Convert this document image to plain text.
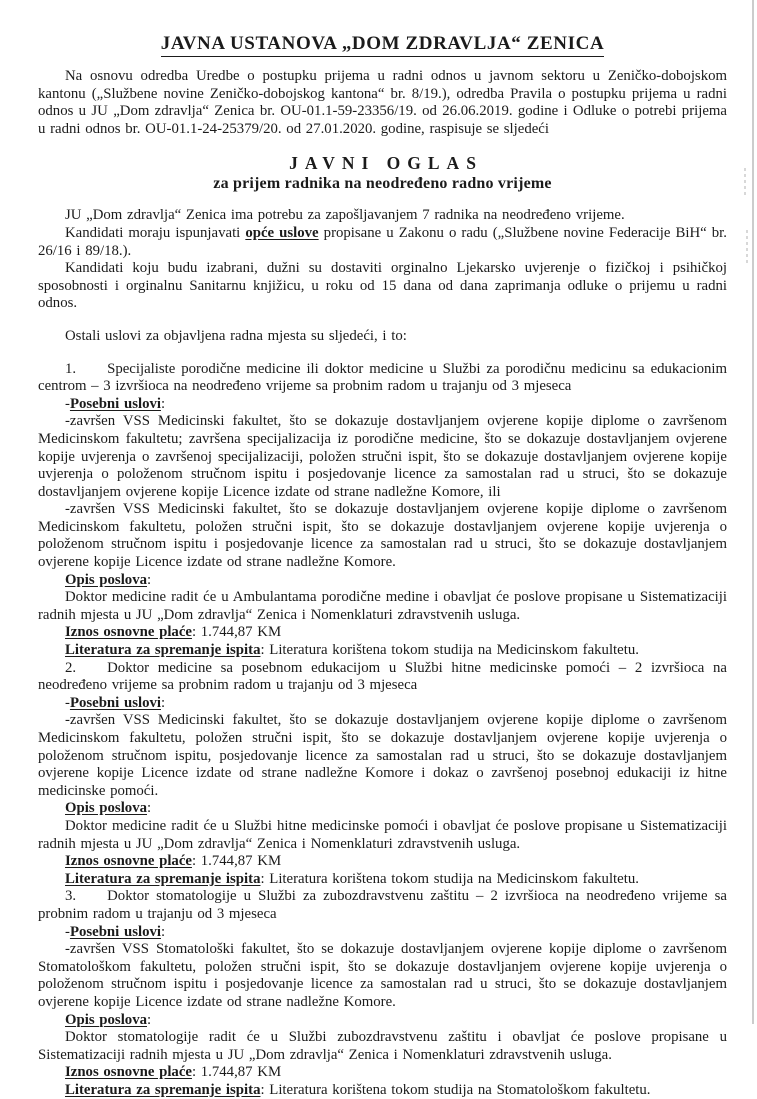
JAVNA USTANOVA „DOM ZDRAVLJA“ ZENICA

Na osnovu odredba Uredbe o postupku prijema u radni odnos u javnom sektoru u Zeničko-dobojskom kantonu („Službene novine Zeničko-dobojskog kantona“ br. 8/19.), odredba Pravila o postupku prijema u radni odnos u JU „Dom zdravlja“ Zenica br. OU-01.1-59-23356/19. od 26.06.2019. godine i Odluke o potrebi prijema u radni odnos br. OU-01.1-24-25379/20. od 27.01.2020. godine, raspisuje se sljedeći

JAVNI OGLAS
za prijem radnika na neodređeno radno vrijeme

JU „Dom zdravlja“ Zenica ima potrebu za zapošljavanjem 7 radnika na neodređeno vrijeme.

Kandidati moraju ispunjavati opće uslove propisane u Zakonu o radu („Službene novine Federacije BiH“ br. 26/16 i 89/18.).

Kandidati koju budu izabrani, dužni su dostaviti orginalno Ljekarsko uvjerenje o fizičkoj i psihičkoj sposobnosti i orginalnu Sanitarnu knjižicu, u roku od 15 dana od dana zaprimanja odluke o prijemu u radni odnos.

Ostali uslovi za objavljena radna mjesta su sljedeći, i to:

1. Specijaliste porodične medicine ili doktor medicine u Službi za porodičnu medicinu sa edukacionim centrom – 3 izvršioca na neodređeno vrijeme sa probnim radom u trajanju od 3 mjeseca

-Posebni uslovi:

-završen VSS Medicinski fakultet, što se dokazuje dostavljanjem ovjerene kopije diplome o završenom Medicinskom fakultetu; završena specijalizacija iz porodične medicine, što se dokazuje dostavljanjem ovjerene kopije uvjerenja o završenoj specijalizaciji, položen stručni ispit, što se dokazuje dostavljanjem ovjerene kopije uvjerenja o položenom stručnom ispitu i posjedovanje licence za samostalan rad u struci, što se dokazuje dostavljanjem ovjerene kopije Licence izdate od strane nadležne Komore, ili

-završen VSS Medicinski fakultet, što se dokazuje dostavljanjem ovjerene kopije diplome o završenom Medicinskom fakultetu, položen stručni ispit, što se dokazuje dostavljanjem ovjerene kopije uvjerenja o položenom stručnom ispitu i posjedovanje licence za samostalan rad u struci, što se dokazuje dostavljanjem ovjerene kopije Licence izdate od strane nadležne Komore.

Opis poslova:

Doktor medicine radit će u Ambulantama porodične medine i obavljat će poslove propisane u Sistematizaciji radnih mjesta u JU „Dom zdravlja“ Zenica i Nomenklaturi zdravstvenih usluga.

Iznos osnovne plaće: 1.744,87 KM

Literatura za spremanje ispita: Literatura korištena tokom studija na Medicinskom fakultetu.

2. Doktor medicine sa posebnom edukacijom u Službi hitne medicinske pomoći – 2 izvršioca na neodređeno vrijeme sa probnim radom u trajanju od 3 mjeseca

-Posebni uslovi:

-završen VSS Medicinski fakultet, što se dokazuje dostavljanjem ovjerene kopije diplome o završenom Medicinskom fakultetu, položen stručni ispit, što se dokazuje dostavljanjem ovjerene kopije uvjerenja o položenom stručnom ispitu, posjedovanje licence za samostalan rad u struci, što se dokazuje dostavljanjem ovjerene kopije Licence izdate od strane nadležne Komore i dokaz o završenoj posebnoj edukaciji iz hitne medicinske pomoći.

Opis poslova:

Doktor medicine radit će u Službi hitne medicinske pomoći i obavljat će poslove propisane u Sistematizaciji radnih mjesta u JU „Dom zdravlja“ Zenica i Nomenklaturi zdravstvenih usluga.

Iznos osnovne plaće: 1.744,87 KM

Literatura za spremanje ispita: Literatura korištena tokom studija na Medicinskom fakultetu.

3. Doktor stomatologije u Službi za zubozdravstvenu zaštitu – 2 izvršioca na neodređeno vrijeme sa probnim radom u trajanju od 3 mjeseca

-Posebni uslovi:

-završen VSS Stomatološki fakultet, što se dokazuje dostavljanjem ovjerene kopije diplome o završenom Stomatološkom fakultetu, položen stručni ispit, što se dokazuje dostavljanjem ovjerene kopije uvjerenja o položenom stručnom ispitu i posjedovanje licence za samostalan rad u struci, što se dokazuje dostavljanjem ovjerene kopije Licence izdate od strane nadležne Komore.

Opis poslova:

Doktor stomatologije radit će u Službi zubozdravstvenu zaštitu i obavljat će poslove propisane u Sistematizaciji radnih mjesta u JU „Dom zdravlja“ Zenica i Nomenklaturi zdravstvenih usluga.

Iznos osnovne plaće: 1.744,87 KM

Literatura za spremanje ispita: Literatura korištena tokom studija na Stomatološkom fakultetu.
